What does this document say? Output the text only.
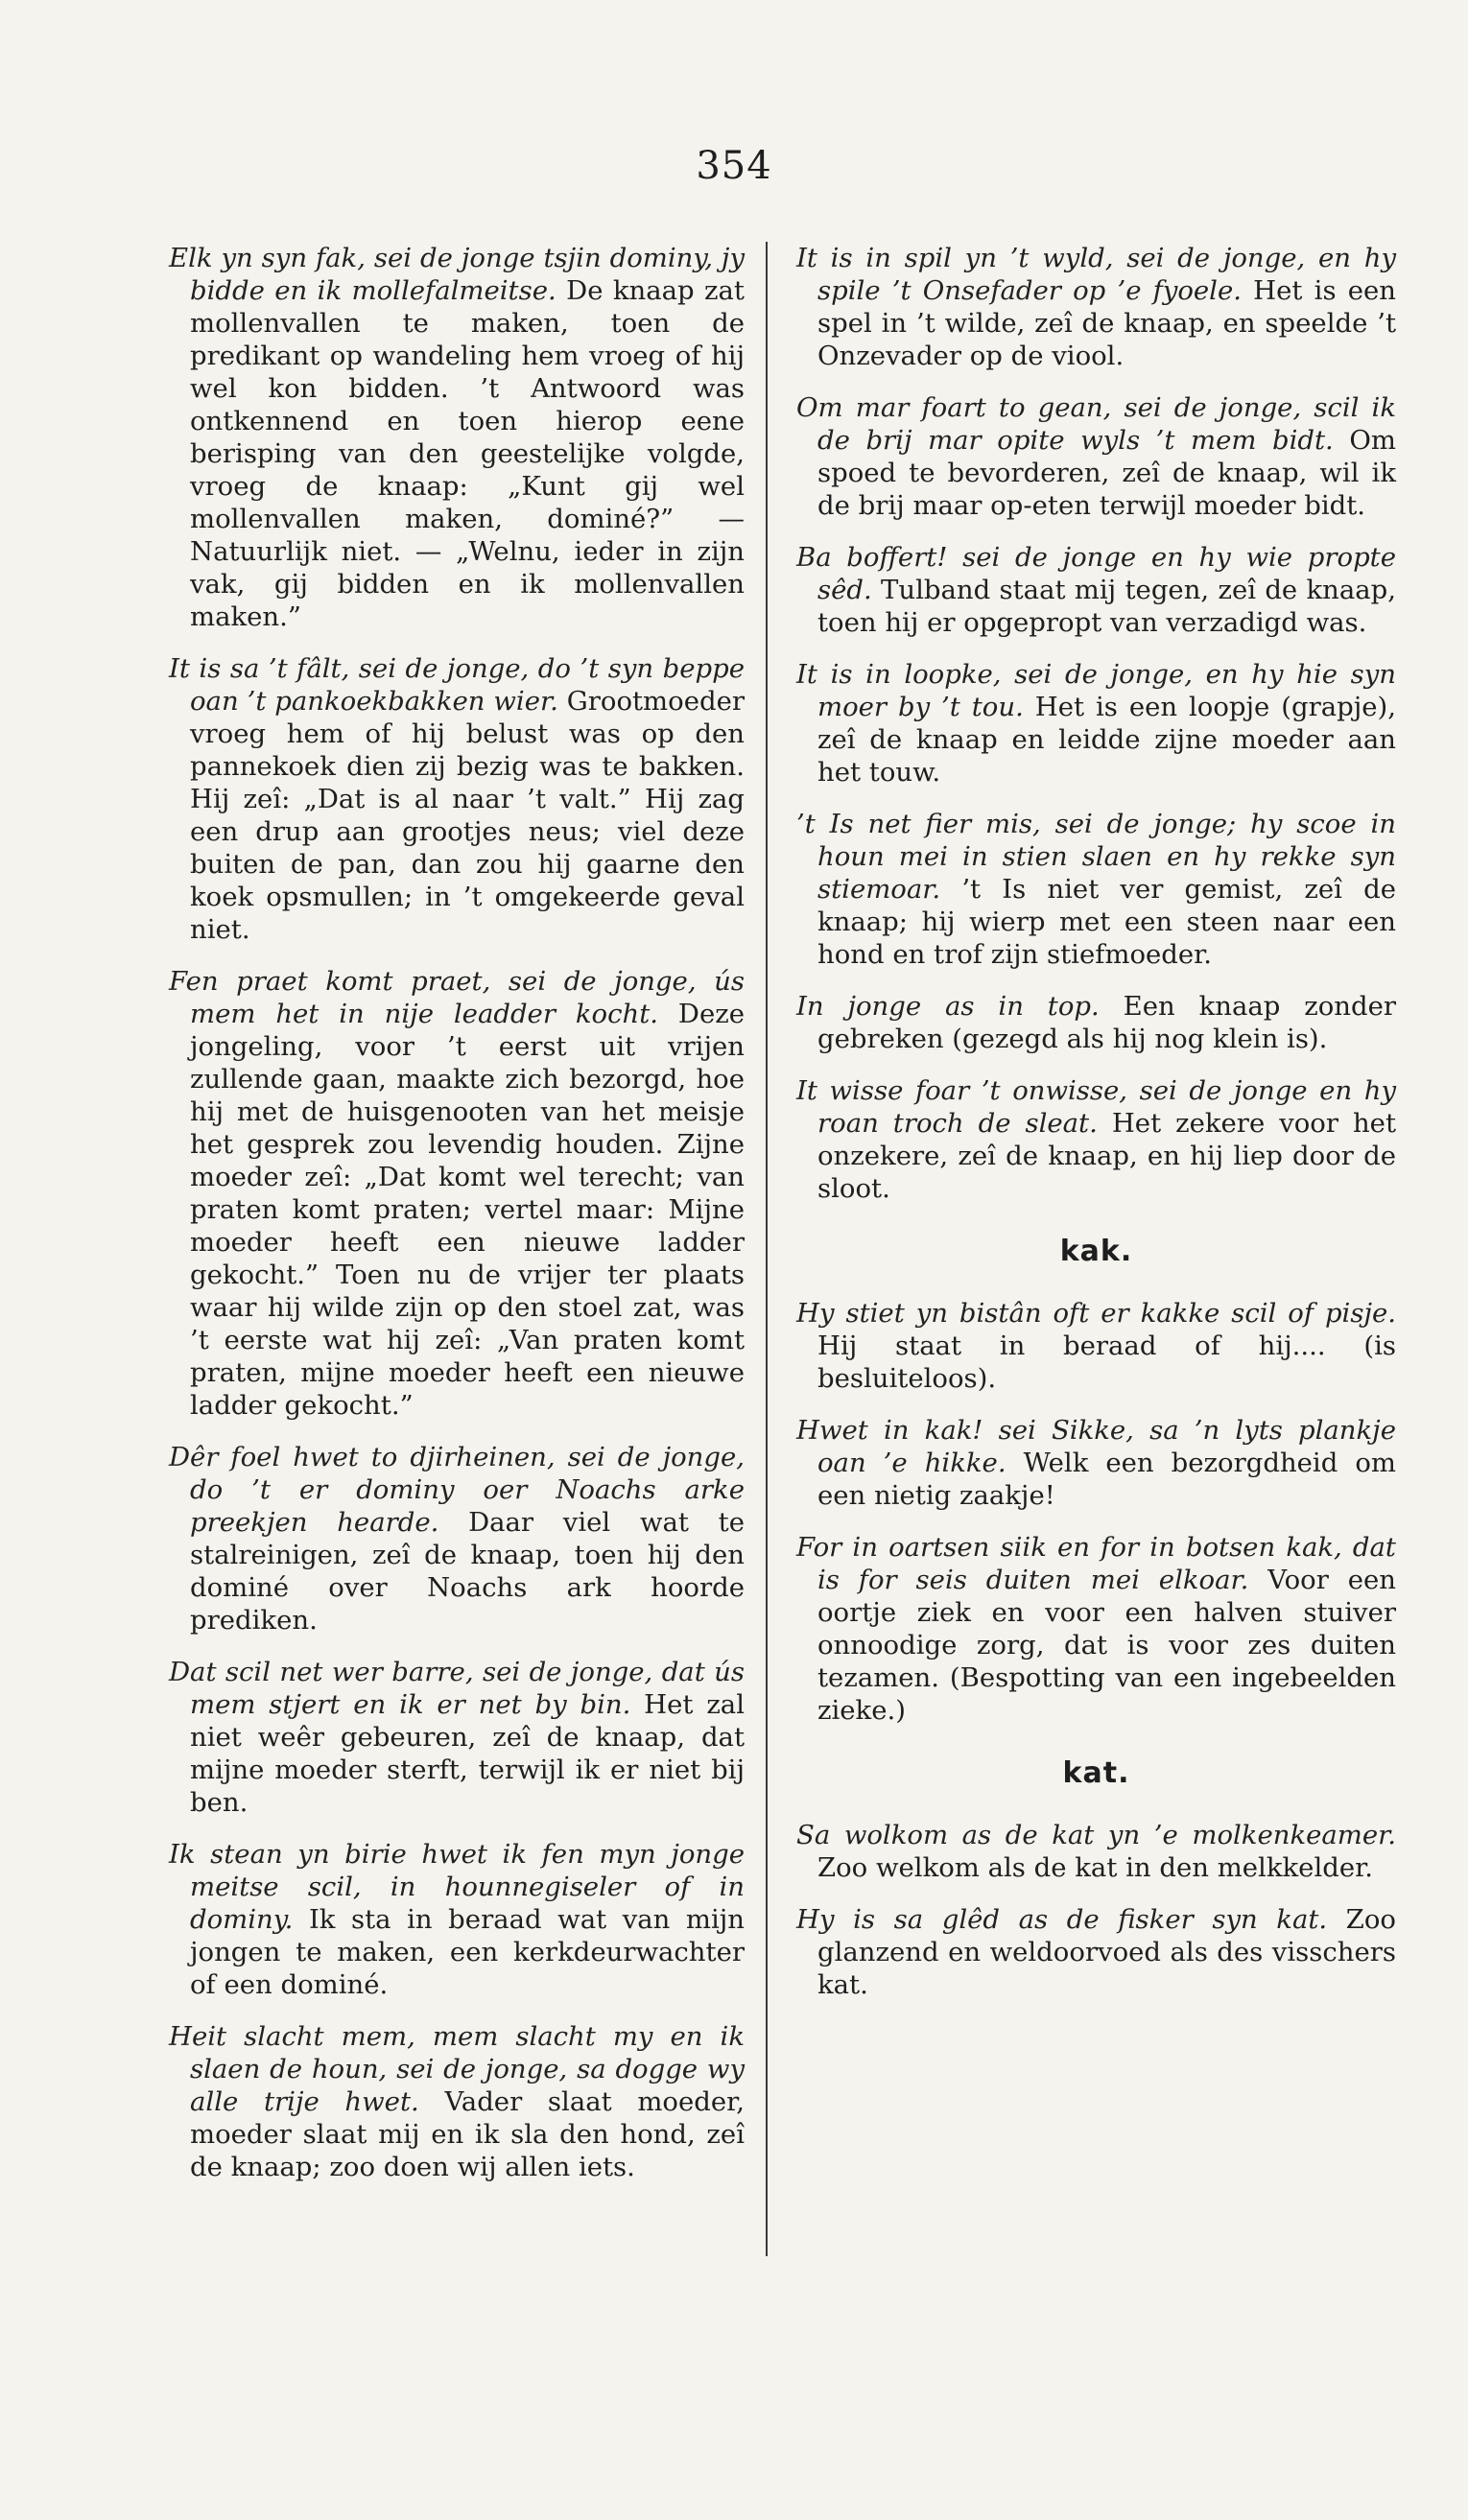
354

Elk yn syn fak, sei de jonge tsjin dominy, jy bidde en ik mollefalmeitse. De knaap zat mollenvallen te maken, toen de predikant op wandeling hem vroeg of hij wel kon bidden. ’t Antwoord was ontkennend en toen hierop eene berisping van den geestelijke volgde, vroeg de knaap: „Kunt gij wel mollenvallen maken, dominé?” — Natuurlijk niet. — „Welnu, ieder in zijn vak, gij bidden en ik mollenvallen maken.”

It is sa ’t fâlt, sei de jonge, do ’t syn beppe oan ’t pankoekbakken wier. Grootmoeder vroeg hem of hij belust was op den pannekoek dien zij bezig was te bakken. Hij zeî: „Dat is al naar ’t valt.” Hij zag een drup aan grootjes neus; viel deze buiten de pan, dan zou hij gaarne den koek opsmullen; in ’t omgekeerde geval niet.

Fen praet komt praet, sei de jonge, ús mem het in nije leadder kocht. Deze jongeling, voor ’t eerst uit vrijen zullende gaan, maakte zich bezorgd, hoe hij met de huisgenooten van het meisje het gesprek zou levendig houden. Zijne moeder zeî: „Dat komt wel terecht; van praten komt praten; vertel maar: Mijne moeder heeft een nieuwe ladder gekocht.” Toen nu de vrijer ter plaats waar hij wilde zijn op den stoel zat, was ’t eerste wat hij zeî: „Van praten komt praten, mijne moeder heeft een nieuwe ladder gekocht.”

Dêr foel hwet to djirheinen, sei de jonge, do ’t er dominy oer Noachs arke preekjen hearde. Daar viel wat te stalreinigen, zeî de knaap, toen hij den dominé over Noachs ark hoorde prediken.

Dat scil net wer barre, sei de jonge, dat ús mem stjert en ik er net by bin. Het zal niet weêr gebeuren, zeî de knaap, dat mijne moeder sterft, terwijl ik er niet bij ben.

Ik stean yn birie hwet ik fen myn jonge meitse scil, in hounnegiseler of in dominy. Ik sta in beraad wat van mijn jongen te maken, een kerkdeurwachter of een dominé.

Heit slacht mem, mem slacht my en ik slaen de houn, sei de jonge, sa dogge wy alle trije hwet. Vader slaat moeder, moeder slaat mij en ik sla den hond, zeî de knaap; zoo doen wij allen iets.

It is in spil yn ’t wyld, sei de jonge, en hy spile ’t Onsefader op ’e fyoele. Het is een spel in ’t wilde, zeî de knaap, en speelde ’t Onzevader op de viool.

Om mar foart to gean, sei de jonge, scil ik de brij mar opite wyls ’t mem bidt. Om spoed te bevorderen, zeî de knaap, wil ik de brij maar op-eten terwijl moeder bidt.

Ba boffert! sei de jonge en hy wie propte sêd. Tulband staat mij tegen, zeî de knaap, toen hij er opgepropt van verzadigd was.

It is in loopke, sei de jonge, en hy hie syn moer by ’t tou. Het is een loopje (grapje), zeî de knaap en leidde zijne moeder aan het touw.

’t Is net fier mis, sei de jonge; hy scoe in houn mei in stien slaen en hy rekke syn stiemoar. ’t Is niet ver gemist, zeî de knaap; hij wierp met een steen naar een hond en trof zijn stiefmoeder.

In jonge as in top. Een knaap zonder gebreken (gezegd als hij nog klein is).

It wisse foar ’t onwisse, sei de jonge en hy roan troch de sleat. Het zekere voor het onzekere, zeî de knaap, en hij liep door de sloot.

kak.

Hy stiet yn bistân oft er kakke scil of pisje. Hij staat in beraad of hij.... (is besluiteloos).

Hwet in kak! sei Sikke, sa ’n lyts plankje oan ’e hikke. Welk een bezorgdheid om een nietig zaakje!

For in oartsen siik en for in botsen kak, dat is for seis duiten mei elkoar. Voor een oortje ziek en voor een halven stuiver onnoodige zorg, dat is voor zes duiten tezamen. (Bespotting van een ingebeelden zieke.)

kat.

Sa wolkom as de kat yn ’e molkenkeamer. Zoo welkom als de kat in den melkkelder.

Hy is sa glêd as de fisker syn kat. Zoo glanzend en weldoorvoed als des visschers kat.
